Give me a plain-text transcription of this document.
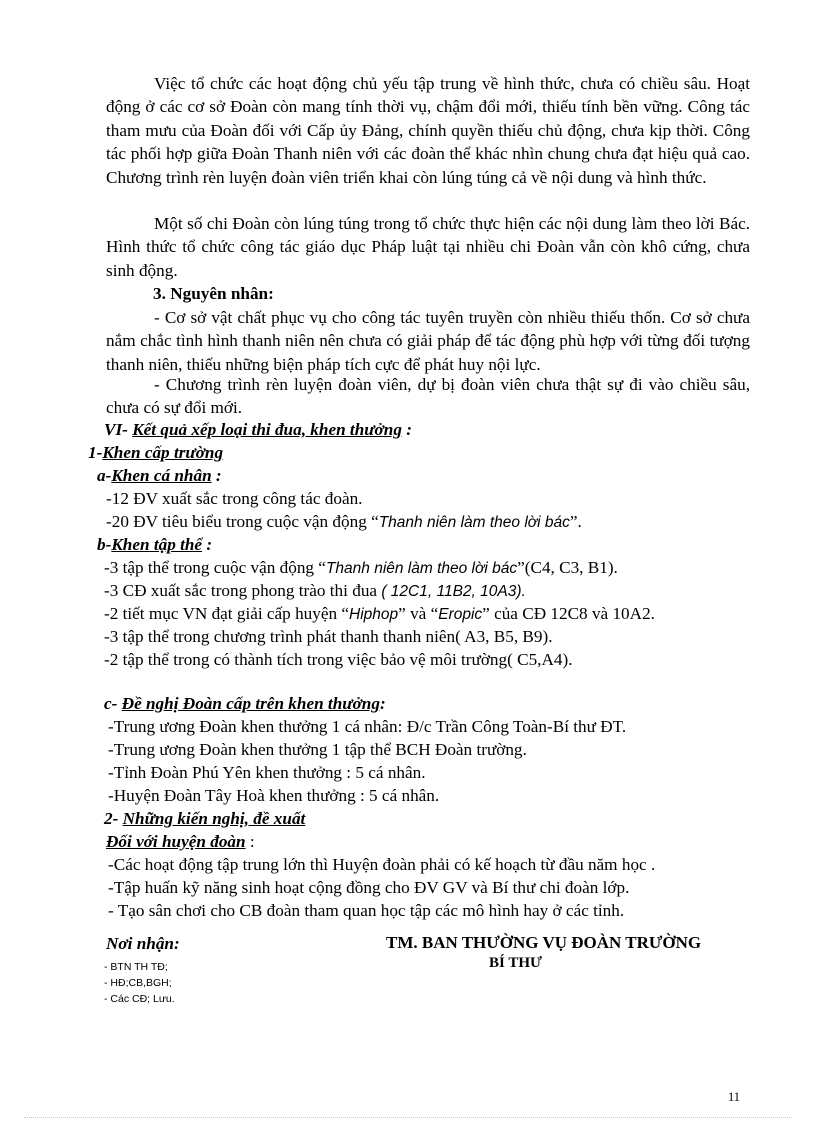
Việc tổ chức các hoạt động chủ yếu tập trung về hình thức, chưa có chiều sâu. Hoạt động ở các cơ sở Đoàn còn mang tính thời vụ, chậm đổi mới, thiếu tính bền vững. Công tác tham mưu của Đoàn đối với Cấp ủy Đảng, chính quyền thiếu chủ động, chưa kịp thời. Công tác phối hợp giữa Đoàn Thanh niên với các đoàn thể khác nhìn chung chưa đạt hiệu quả cao. Chương trình rèn luyện đoàn viên triển khai còn lúng túng cả về nội dung và hình thức.

Một số chi Đoàn còn lúng túng trong tổ chức thực hiện các nội dung làm theo lời Bác. Hình thức tổ chức công tác giáo dục Pháp luật tại nhiều chi Đoàn vẫn còn khô cứng, chưa sinh động.

3. Nguyên nhân:

- Cơ sở vật chất phục vụ cho công tác tuyên truyền còn nhiều thiếu thốn. Cơ sở chưa nắm chắc tình hình thanh niên nên chưa có giải pháp để tác động phù hợp với từng đối tượng thanh niên, thiếu những biện pháp tích cực để phát huy nội lực.

- Chương trình rèn luyện đoàn viên, dự bị đoàn viên chưa thật sự đi vào chiều sâu, chưa có sự đổi mới.

VI- Kết quả xếp loại thi đua, khen thưởng :
1-Khen cấp trường
a-Khen cá nhân :
-12 ĐV xuất sắc trong công tác đoàn.
-20 ĐV tiêu biểu trong cuộc vận động “Thanh niên làm theo lời bác”.
b-Khen tập thể :
-3 tập thể trong cuộc vận động “Thanh niên làm theo lời bác”(C4, C3, B1).
-3 CĐ xuất sắc trong phong trào thi đua ( 12C1, 11B2, 10A3).
-2 tiết mục VN đạt giải cấp huyện “Hiphop” và “Eropic” của CĐ 12C8 và 10A2.
-3 tập thể trong chương trình phát thanh thanh niên( A3, B5, B9).
-2 tập thể trong có thành tích trong việc bảo vệ môi trường( C5,A4).
c- Đề nghị Đoàn cấp trên khen thưởng:
-Trung ương Đoàn khen thưởng 1 cá nhân: Đ/c Trần Công Toàn-Bí thư ĐT.
-Trung ương Đoàn khen thưởng 1 tập thể BCH Đoàn trường.
-Tỉnh Đoàn Phú Yên khen thưởng : 5 cá nhân.
-Huyện Đoàn Tây Hoà khen thưởng : 5 cá nhân.
2- Những kiến nghị, đề xuất
Đối với huyện đoàn :
-Các hoạt động tập trung lớn thì Huyện đoàn phải có kế hoạch từ đầu năm học .
-Tập huấn kỹ năng sinh hoạt cộng đồng cho ĐV GV và Bí thư chi đoàn lớp.
- Tạo sân chơi cho CB đoàn tham quan học tập các mô hình hay ở các tỉnh.
Nơi nhận:
- BTN TH TĐ;
- HĐ;CB,BGH;
- Các CĐ; Lưu.
TM. BAN THƯỜNG VỤ ĐOÀN TRƯỜNG
BÍ THƯ
11
